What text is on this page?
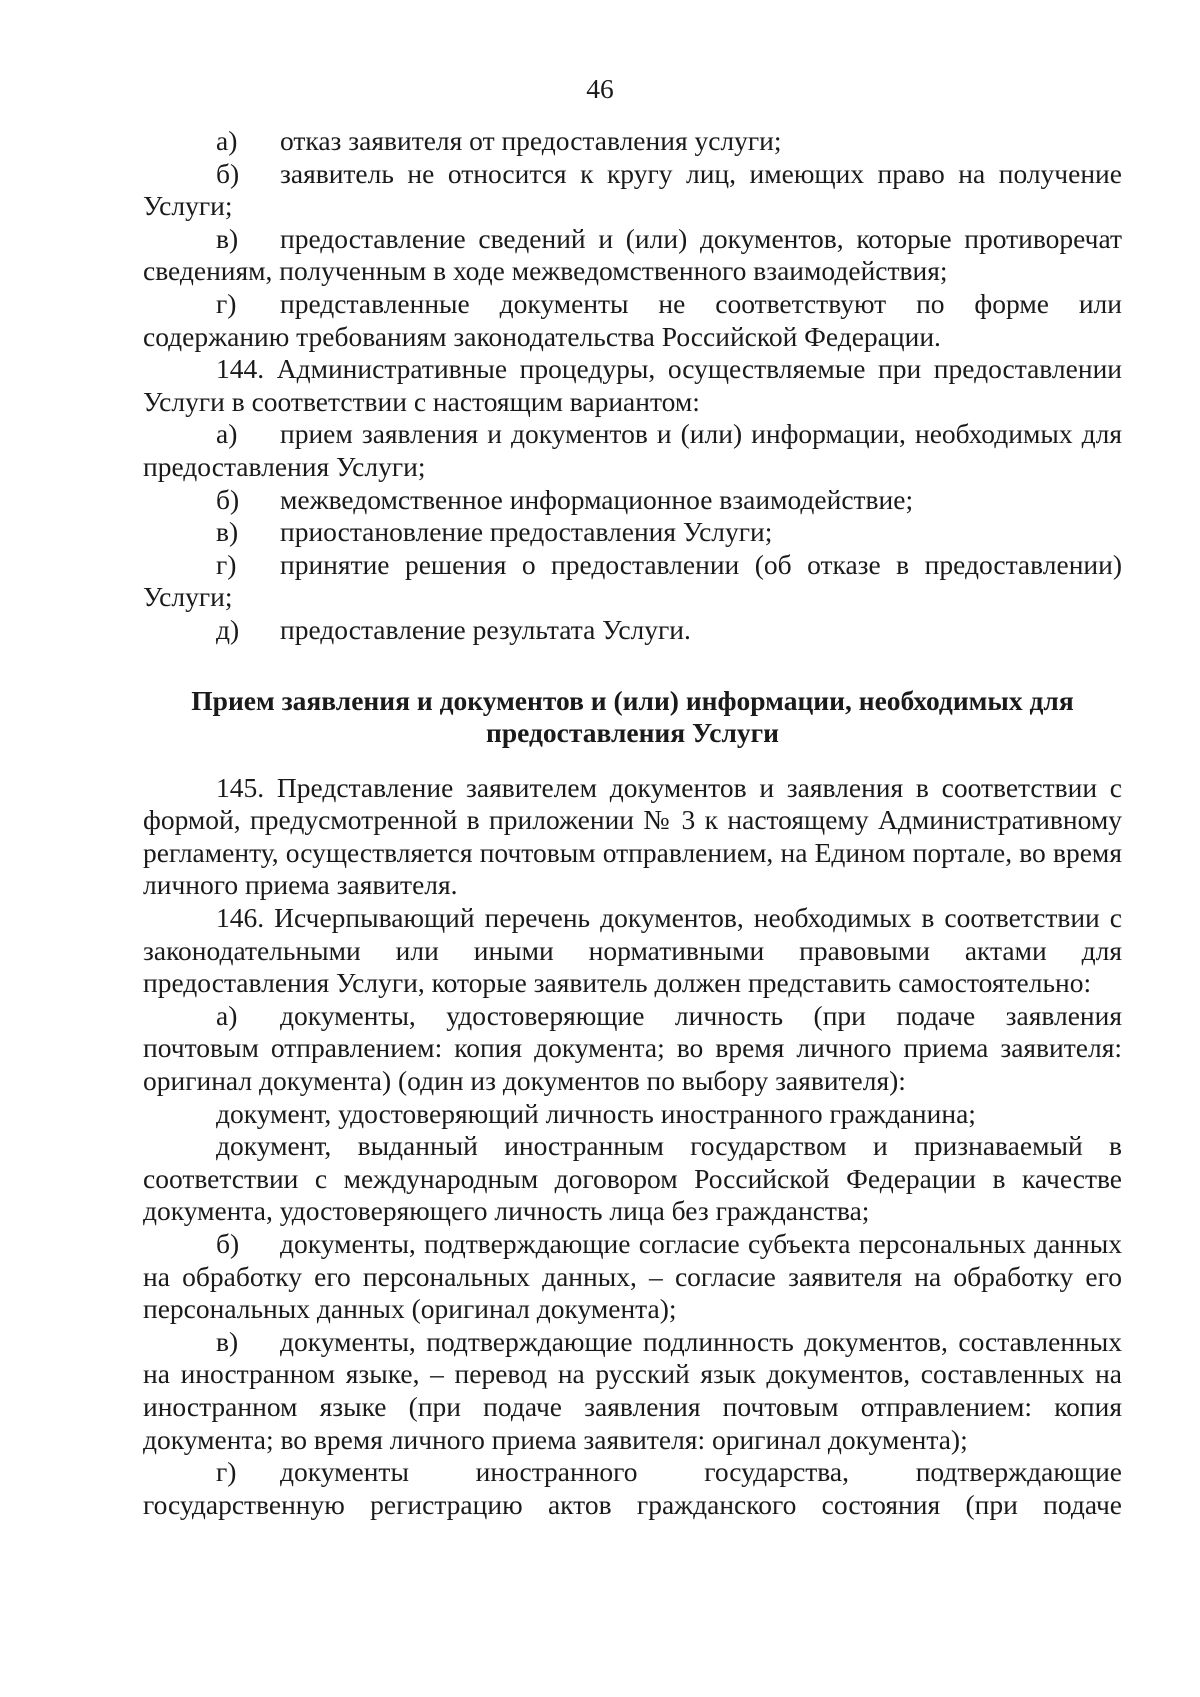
46

а) отказ заявителя от предоставления услуги;

б) заявитель не относится к кругу лиц, имеющих право на получение Услуги;

в) предоставление сведений и (или) документов, которые противоречат сведениям, полученным в ходе межведомственного взаимодействия;

г) представленные документы не соответствуют по форме или содержанию требованиям законодательства Российской Федерации.

144. Административные процедуры, осуществляемые при предоставлении Услуги в соответствии с настоящим вариантом:

а) прием заявления и документов и (или) информации, необходимых для предоставления Услуги;

б) межведомственное информационное взаимодействие;

в) приостановление предоставления Услуги;

г) принятие решения о предоставлении (об отказе в предоставлении) Услуги;

д) предоставление результата Услуги.

Прием заявления и документов и (или) информации, необходимых для
предоставления Услуги

145. Представление заявителем документов и заявления в соответствии с формой, предусмотренной в приложении № 3 к настоящему Административному регламенту, осуществляется почтовым отправлением, на Едином портале, во время личного приема заявителя.

146. Исчерпывающий перечень документов, необходимых в соответствии с законодательными или иными нормативными правовыми актами для предоставления Услуги, которые заявитель должен представить самостоятельно:

а) документы, удостоверяющие личность (при подаче заявления почтовым отправлением: копия документа; во время личного приема заявителя: оригинал документа) (один из документов по выбору заявителя):

документ, удостоверяющий личность иностранного гражданина;

документ, выданный иностранным государством и признаваемый в соответствии с международным договором Российской Федерации в качестве документа, удостоверяющего личность лица без гражданства;

б) документы, подтверждающие согласие субъекта персональных данных на обработку его персональных данных, – согласие заявителя на обработку его персональных данных (оригинал документа);

в) документы, подтверждающие подлинность документов, составленных на иностранном языке, – перевод на русский язык документов, составленных на иностранном языке (при подаче заявления почтовым отправлением: копия документа; во время личного приема заявителя: оригинал документа);

г) документы иностранного государства, подтверждающие государственную регистрацию актов гражданского состояния (при подаче
